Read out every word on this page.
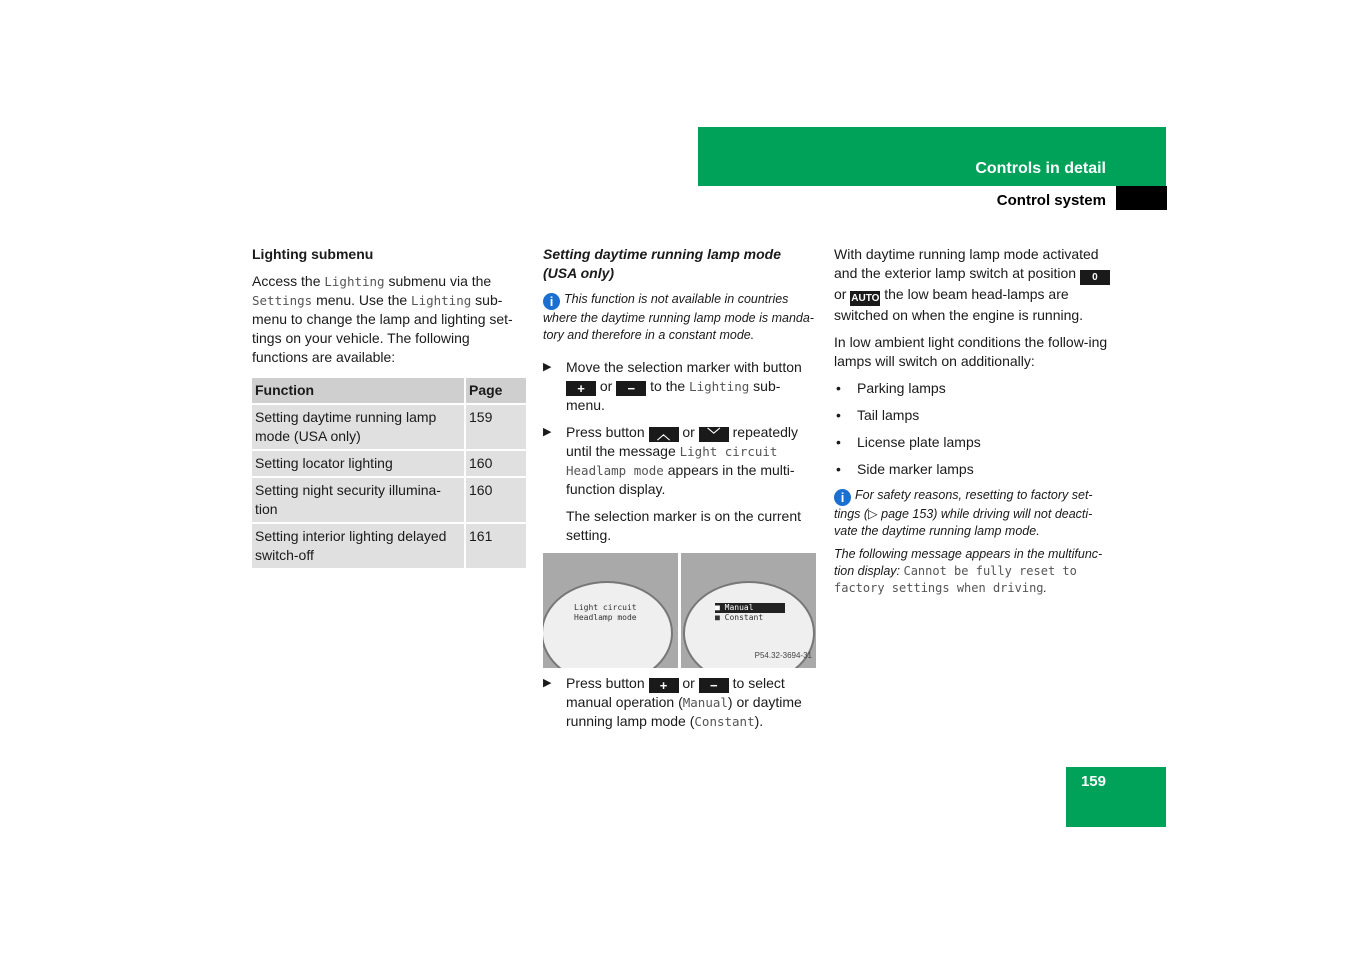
Controls in detail
Control system
Lighting submenu

Access the Lighting submenu via the Settings menu. Use the Lighting sub-menu to change the lamp and lighting set-tings on your vehicle. The following functions are available:

Function	Page
Setting daytime running lamp mode (USA only)	159
Setting locator lighting	160
Setting night security illumina-tion	160
Setting interior lighting delayed switch-off	161
Setting daytime running lamp mode (USA only)

i This function is not available in countries where the daytime running lamp mode is manda-tory and therefore in a constant mode.

▶ Move the selection marker with button + or − to the Lighting sub-menu.
▶ Press button ︿ or ﹀ repeatedly until the message Light circuit Headlamp mode appears in the multi-function display.

The selection marker is on the current setting.

Light circuit
Headlamp mode
■ Manual
■ Constant
P54.32-3694-31
▶ Press button + or − to select manual operation (Manual) or daytime running lamp mode (Constant).

With daytime running lamp mode activated and the exterior lamp switch at position 0 or AUTO the low beam head-lamps are switched on when the engine is running.

In low ambient light conditions the follow-ing lamps will switch on additionally:

• Parking lamps
• Tail lamps
• License plate lamps
• Side marker lamps

i For safety reasons, resetting to factory set-tings (▷ page 153) while driving will not deacti-vate the daytime running lamp mode.

The following message appears in the multifunc-tion display: Cannot be fully reset to factory settings when driving.

159
